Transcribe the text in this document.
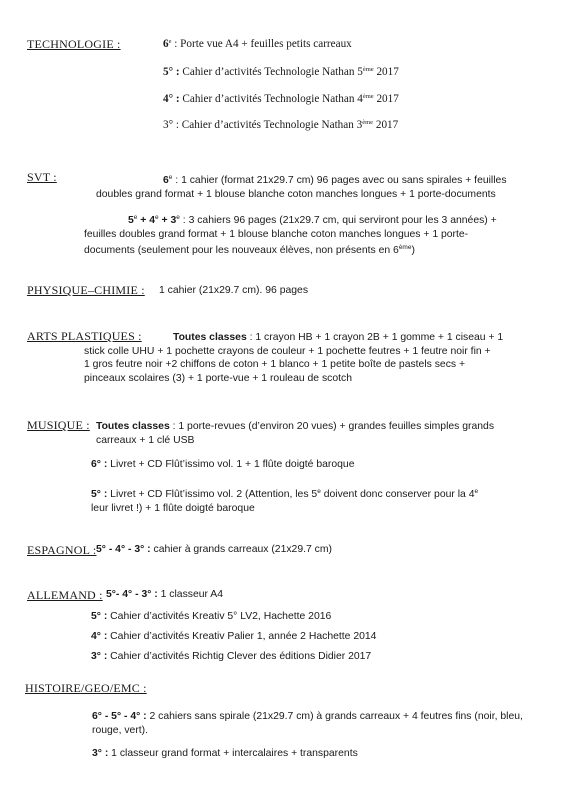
TECHNOLOGIE :	6e : Porte vue A4 + feuilles petits carreaux
5° : Cahier d’activités Technologie Nathan 5ème 2017
4° : Cahier d’activités Technologie Nathan 4ème 2017
3° : Cahier d’activités Technologie Nathan 3ème 2017
SVT :	6e : 1 cahier (format 21x29.7 cm) 96 pages avec ou sans spirales + feuilles
doubles grand format + 1 blouse blanche coton manches longues + 1 porte-documents
$5^e + 4^e + 3^e$ : 3 cahiers 96 pages (21x29.7 cm, qui serviront pour les 3 années) +
feuilles doubles grand format + 1 blouse blanche coton manches longues + 1 porte-
documents (seulement pour les nouveaux élèves, non présents en 6ème)
PHYSIQUE–CHIMIE : 1 cahier (21x29.7 cm). 96 pages
ARTS PLASTIQUES :	Toutes classes : 1 crayon HB + 1 crayon 2B + 1 gomme + 1 ciseau + 1
stick colle UHU + 1 pochette crayons de couleur + 1 pochette feutres + 1 feutre noir fin +
1 gros feutre noir +2 chiffons de coton + 1 blanco + 1 petite boîte de pastels secs +
pinceaux scolaires (3) + 1 porte-vue + 1 rouleau de scotch
MUSIQUE : Toutes classes : 1 porte-revues (d’environ 20 vues) + grandes feuilles simples grands
carreaux + 1 clé USB
6° : Livret + CD Flût’issimo vol. 1 + 1 flûte doigté baroque
5° : Livret + CD Flût’issimo vol. 2 (Attention, les 5e doivent donc conserver pour la 4e
leur livret !) + 1 flûte doigté baroque
ESPAGNOL : 5° - 4° - 3° : cahier à grands carreaux (21x29.7 cm)
ALLEMAND : 5°- 4° - 3° : 1 classeur A4
5° : Cahier d’activités Kreativ 5° LV2, Hachette 2016
4° : Cahier d’activités Kreativ Palier 1, année 2 Hachette 2014
3° : Cahier d’activités Richtig Clever des éditions Didier 2017
HISTOIRE/GEO/EMC :
6° - 5° - 4° : 2 cahiers sans spirale (21x29.7 cm) à grands carreaux + 4 feutres fins (noir, bleu,
rouge, vert).
3° : 1 classeur grand format + intercalaires + transparents
